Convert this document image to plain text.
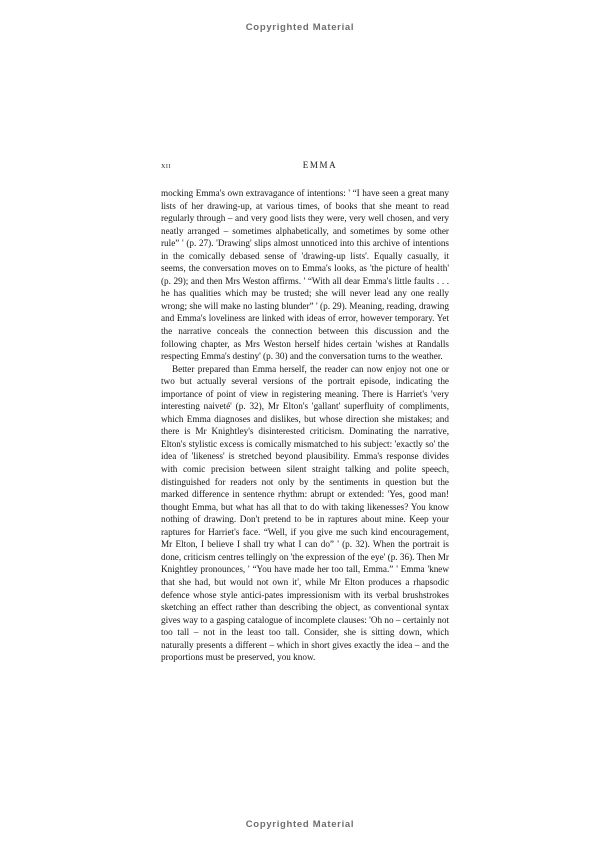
Copyrighted Material
xii	EMMA

mocking Emma's own extravagance of intentions: ' “I have seen a great many lists of her drawing-up, at various times, of books that she meant to read regularly through – and very good lists they were, very well chosen, and very neatly arranged – sometimes alphabetically, and sometimes by some other rule” ' (p. 27). 'Drawing' slips almost unnoticed into this archive of intentions in the comically debased sense of 'drawing-up lists'. Equally casually, it seems, the conversation moves on to Emma's looks, as 'the picture of health' (p. 29); and then Mrs Weston affirms. ' “With all dear Emma's little faults . . . he has qualities which may be trusted; she will never lead any one really wrong; she will make no lasting blunder” ' (p. 29). Meaning, reading, drawing and Emma's loveliness are linked with ideas of error, however temporary. Yet the narrative conceals the connection between this discussion and the following chapter, as Mrs Weston herself hides certain 'wishes at Randalls respecting Emma's destiny' (p. 30) and the conversation turns to the weather.

Better prepared than Emma herself, the reader can now enjoy not one or two but actually several versions of the portrait episode, indicating the importance of point of view in registering meaning. There is Harriet's 'very interesting naiveté' (p. 32), Mr Elton's 'gallant' superfluity of compliments, which Emma diagnoses and dislikes, but whose direction she mistakes; and there is Mr Knightley's disinterested criticism. Dominating the narrative, Elton's stylistic excess is comically mismatched to his subject: 'exactly so' the idea of 'likeness' is stretched beyond plausibility. Emma's response divides with comic precision between silent straight talking and polite speech, distinguished for readers not only by the sentiments in question but the marked difference in sentence rhythm: abrupt or extended: 'Yes, good man! thought Emma, but what has all that to do with taking likenesses? You know nothing of drawing. Don't pretend to be in raptures about mine. Keep your raptures for Harriet's face. “Well, if you give me such kind encouragement, Mr Elton, I believe I shall try what I can do” ' (p. 32). When the portrait is done, criticism centres tellingly on 'the expression of the eye' (p. 36). Then Mr Knightley pronounces, ' “You have made her too tall, Emma.” ' Emma 'knew that she had, but would not own it', while Mr Elton produces a rhapsodic defence whose style antici-pates impressionism with its verbal brushstrokes sketching an effect rather than describing the object, as conventional syntax gives way to a gasping catalogue of incomplete clauses: 'Oh no – certainly not too tall – not in the least too tall. Consider, she is sitting down, which naturally presents a different – which in short gives exactly the idea – and the proportions must be preserved, you know.

Copyrighted Material
